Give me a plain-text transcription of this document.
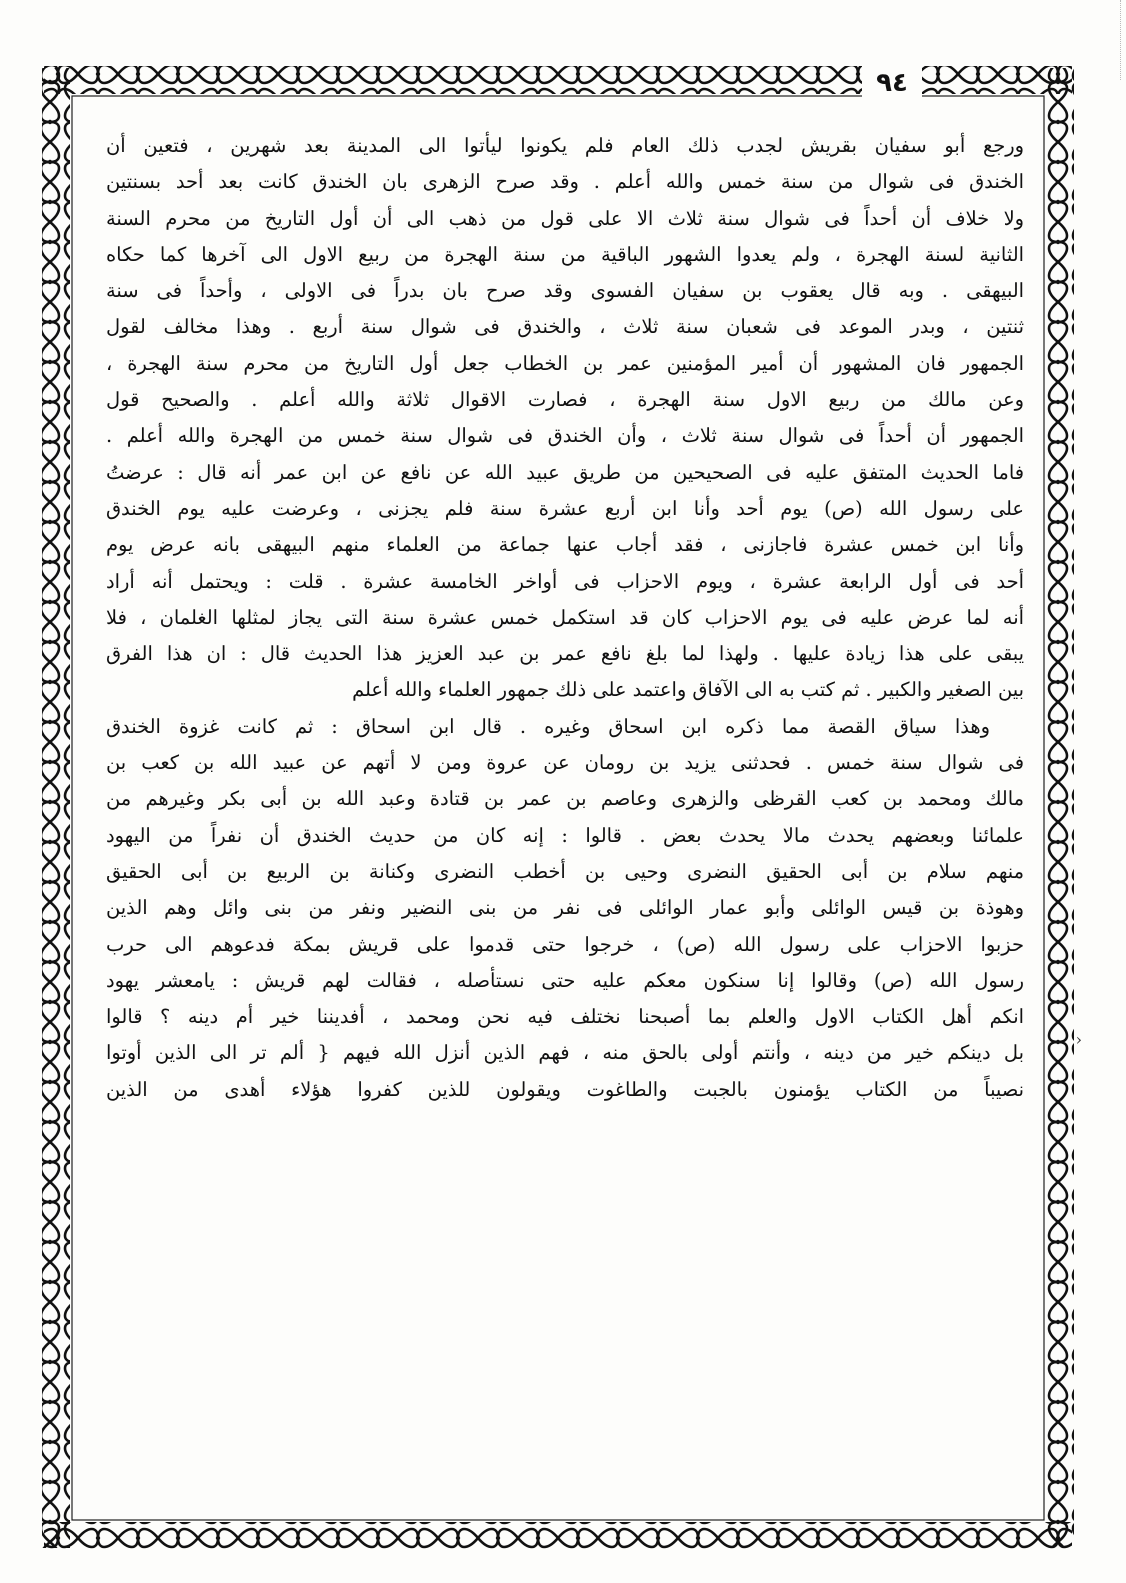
٩٤
ورجع أبو سفيان بقريش لجدب ذلك العام فلم يكونوا ليأتوا الى المدينة بعد شهرين ، فتعين أن
الخندق فى شوال من سنة خمس والله أعلم . وقد صرح الزهرى بان الخندق كانت بعد أحد بسنتين
ولا خلاف أن أحداً فى شوال سنة ثلاث الا على قول من ذهب الى أن أول التاريخ من محرم السنة
الثانية لسنة الهجرة ، ولم يعدوا الشهور الباقية من سنة الهجرة من ربيع الاول الى آخرها كما حكاه
البيهقى . وبه قال يعقوب بن سفيان الفسوى وقد صرح بان بدراً فى الاولى ، وأحداً فى سنة
ثنتين ، وبدر الموعد فى شعبان سنة ثلاث ، والخندق فى شوال سنة أربع . وهذا مخالف لقول
الجمهور فان المشهور أن أمير المؤمنين عمر بن الخطاب جعل أول التاريخ من محرم سنة الهجرة ،
وعن مالك من ربيع الاول سنة الهجرة ، فصارت الاقوال ثلاثة والله أعلم . والصحيح قول
الجمهور أن أحداً فى شوال سنة ثلاث ، وأن الخندق فى شوال سنة خمس من الهجرة والله أعلم .
فاما الحديث المتفق عليه فى الصحيحين من طريق عبيد الله عن نافع عن ابن عمر أنه قال : عرضتُ
على رسول الله (ص) يوم أحد وأنا ابن أربع عشرة سنة فلم يجزنى ، وعرضت عليه يوم الخندق
وأنا ابن خمس عشرة فاجازنى ، فقد أجاب عنها جماعة من العلماء منهم البيهقى بانه عرض يوم
أحد فى أول الرابعة عشرة ، ويوم الاحزاب فى أواخر الخامسة عشرة . قلت : ويحتمل أنه أراد
أنه لما عرض عليه فى يوم الاحزاب كان قد استكمل خمس عشرة سنة التى يجاز لمثلها الغلمان ، فلا
يبقى على هذا زيادة عليها . ولهذا لما بلغ نافع عمر بن عبد العزيز هذا الحديث قال : ان هذا الفرق
بين الصغير والكبير . ثم كتب به الى الآفاق واعتمد على ذلك جمهور العلماء والله أعلم
وهذا سياق القصة مما ذكره ابن اسحاق وغيره . قال ابن اسحاق : ثم كانت غزوة الخندق
فى شوال سنة خمس . فحدثنى يزيد بن رومان عن عروة ومن لا أتهم عن عبيد الله بن كعب بن
مالك ومحمد بن كعب القرظى والزهرى وعاصم بن عمر بن قتادة وعبد الله بن أبى بكر وغيرهم من
علمائنا وبعضهم يحدث مالا يحدث بعض . قالوا : إنه كان من حديث الخندق أن نفراً من اليهود
منهم سلام بن أبى الحقيق النضرى وحيى بن أخطب النضرى وكنانة بن الربيع بن أبى الحقيق
وهوذة بن قيس الوائلى وأبو عمار الوائلى فى نفر من بنى النضير ونفر من بنى وائل وهم الذين
حزبوا الاحزاب على رسول الله (ص) ، خرجوا حتى قدموا على قريش بمكة فدعوهم الى حرب
رسول الله (ص) وقالوا إنا سنكون معكم عليه حتى نستأصله ، فقالت لهم قريش : يامعشر يهود
انكم أهل الكتاب الاول والعلم بما أصبحنا نختلف فيه نحن ومحمد ، أفديننا خير أم دينه ؟ قالوا
بل دينكم خير من دينه ، وأنتم أولى بالحق منه ، فهم الذين أنزل الله فيهم { ألم تر الى الذين أوتوا
نصيباً من الكتاب يؤمنون بالجبت والطاغوت ويقولون للذين كفروا هؤلاء أهدى من الذين
‹
